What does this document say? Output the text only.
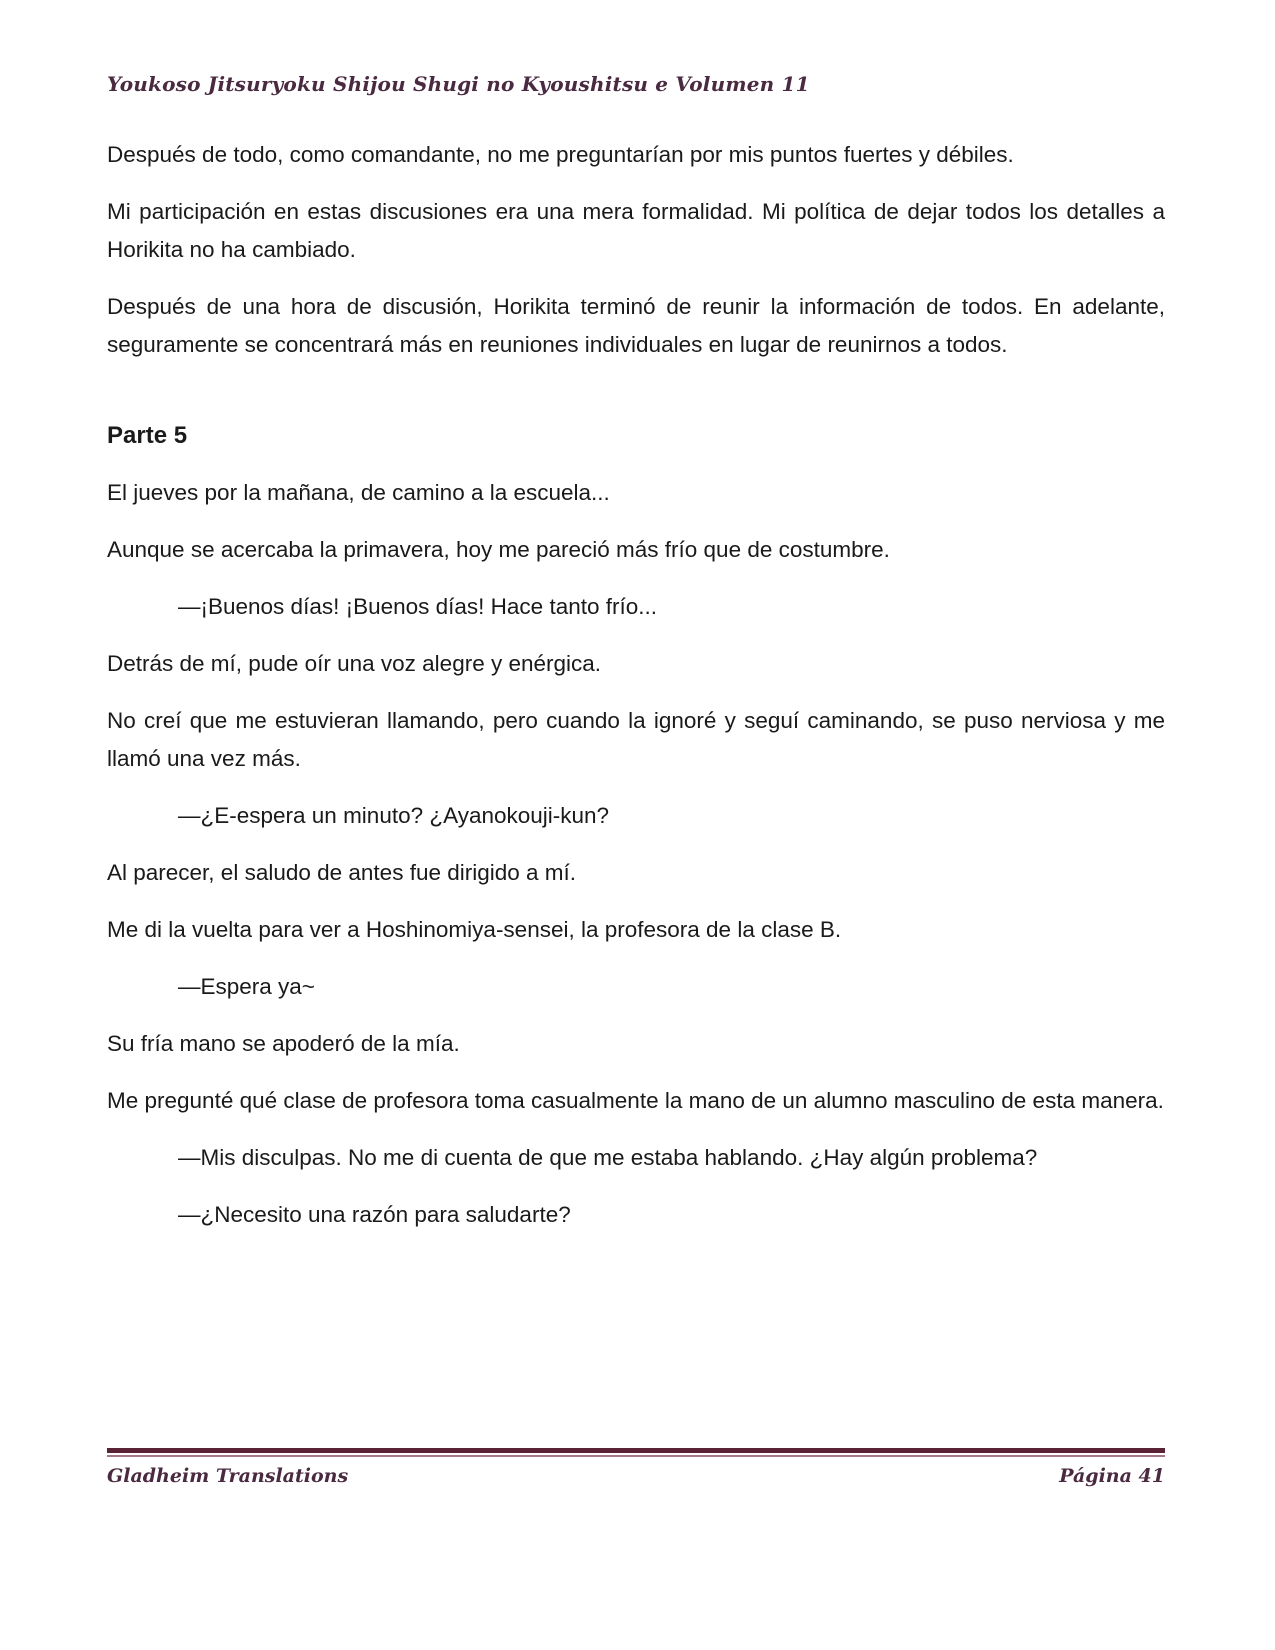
Youkoso Jitsuryoku Shijou Shugi no Kyoushitsu e Volumen 11

Después de todo, como comandante, no me preguntarían por mis puntos fuertes y débiles.

Mi participación en estas discusiones era una mera formalidad. Mi política de dejar todos los detalles a Horikita no ha cambiado.

Después de una hora de discusión, Horikita terminó de reunir la información de todos. En adelante, seguramente se concentrará más en reuniones individuales en lugar de reunirnos a todos.

Parte 5

El jueves por la mañana, de camino a la escuela...

Aunque se acercaba la primavera, hoy me pareció más frío que de costumbre.

—¡Buenos días! ¡Buenos días! Hace tanto frío...

Detrás de mí, pude oír una voz alegre y enérgica.

No creí que me estuvieran llamando, pero cuando la ignoré y seguí caminando, se puso nerviosa y me llamó una vez más.

—¿E-espera un minuto? ¿Ayanokouji-kun?

Al parecer, el saludo de antes fue dirigido a mí.

Me di la vuelta para ver a Hoshinomiya-sensei, la profesora de la clase B.

—Espera ya~

Su fría mano se apoderó de la mía.

Me pregunté qué clase de profesora toma casualmente la mano de un alumno masculino de esta manera.

—Mis disculpas. No me di cuenta de que me estaba hablando. ¿Hay algún problema?

—¿Necesito una razón para saludarte?

Gladheim Translations	Página 41
